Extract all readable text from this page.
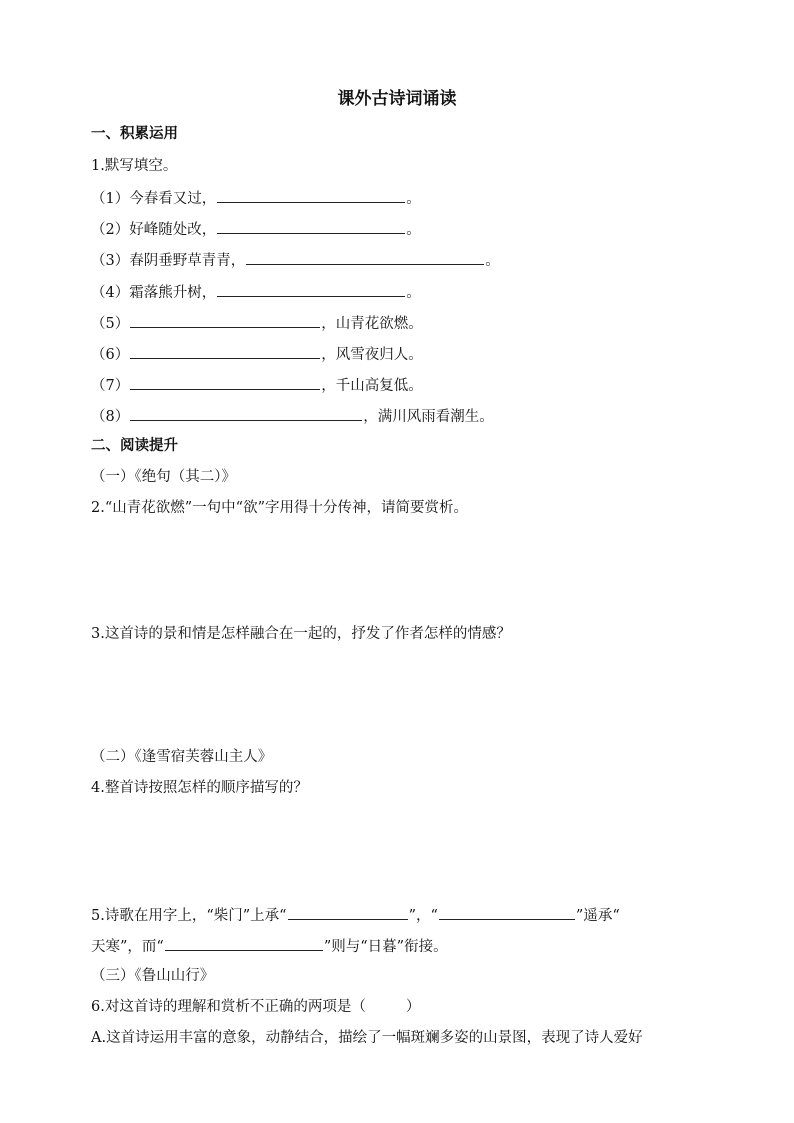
课外古诗词诵读
一、积累运用
1.默写填空。
（1）今春看又过，	。
（2）好峰随处改，	。
（3）春阴垂野草青青，	。
（4）霜落熊升树，	。
（5）	，山青花欲燃。
（6）	，风雪夜归人。
（7）	，千山高复低。
（8）	，满川风雨看潮生。
二、阅读提升
（一）《绝句（其二）》
2.“山青花欲燃”一句中“欲”字用得十分传神，请简要赏析。
3.这首诗的景和情是怎样融合在一起的，抒发了作者怎样的情感？
（二）《逢雪宿芙蓉山主人》
4.整首诗按照怎样的顺序描写的？
5.诗歌在用字上，“柴门”上承“	”，“	”遥承“
天寒”，而“	”则与“日暮”衔接。
（三）《鲁山山行》
6.对这首诗的理解和赏析不正确的两项是（	）
A.这首诗运用丰富的意象，动静结合，描绘了一幅斑斓多姿的山景图，表现了诗人爱好
